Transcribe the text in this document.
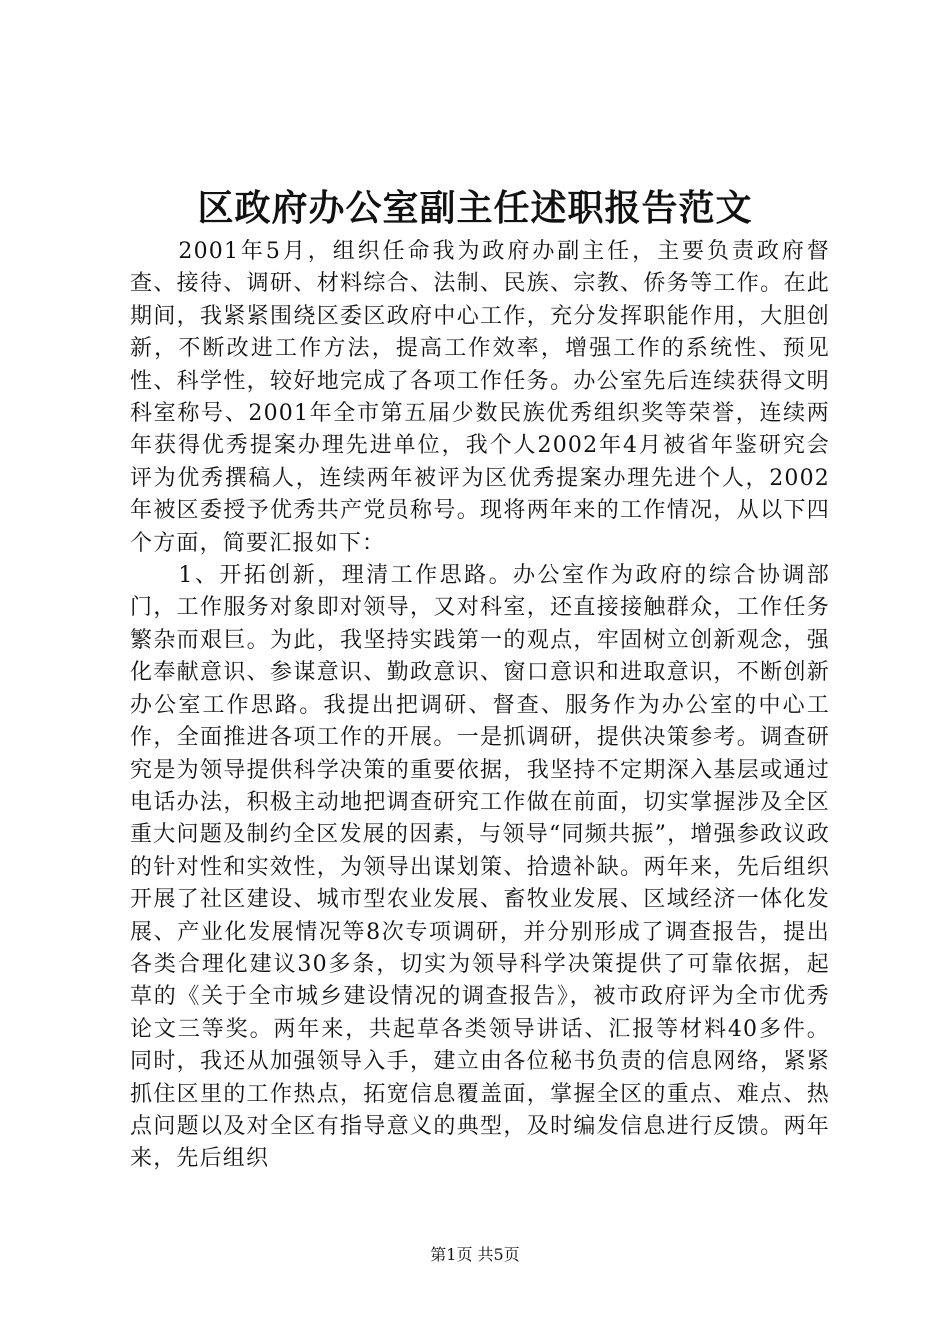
区政府办公室副主任述职报告范文

2001年5月，组织任命我为政府办副主任，主要负责政府督查、接待、调研、材料综合、法制、民族、宗教、侨务等工作。在此期间，我紧紧围绕区委区政府中心工作，充分发挥职能作用，大胆创新，不断改进工作方法，提高工作效率，增强工作的系统性、预见性、科学性，较好地完成了各项工作任务。办公室先后连续获得文明科室称号、2001年全市第五届少数民族优秀组织奖等荣誉，连续两年获得优秀提案办理先进单位，我个人2002年4月被省年鉴研究会评为优秀撰稿人，连续两年被评为区优秀提案办理先进个人，2002年被区委授予优秀共产党员称号。现将两年来的工作情况，从以下四个方面，简要汇报如下：

1、开拓创新，理清工作思路。办公室作为政府的综合协调部门，工作服务对象即对领导，又对科室，还直接接触群众，工作任务繁杂而艰巨。为此，我坚持实践第一的观点，牢固树立创新观念，强化奉献意识、参谋意识、勤政意识、窗口意识和进取意识，不断创新办公室工作思路。我提出把调研、督查、服务作为办公室的中心工作，全面推进各项工作的开展。一是抓调研，提供决策参考。调查研究是为领导提供科学决策的重要依据，我坚持不定期深入基层或通过电话办法，积极主动地把调查研究工作做在前面，切实掌握涉及全区重大问题及制约全区发展的因素，与领导“同频共振”，增强参政议政的针对性和实效性，为领导出谋划策、拾遗补缺。两年来，先后组织开展了社区建设、城市型农业发展、畜牧业发展、区域经济一体化发展、产业化发展情况等8次专项调研，并分别形成了调查报告，提出各类合理化建议30多条，切实为领导科学决策提供了可靠依据，起草的《关于全市城乡建设情况的调查报告》，被市政府评为全市优秀论文三等奖。两年来，共起草各类领导讲话、汇报等材料40多件。同时，我还从加强领导入手，建立由各位秘书负责的信息网络，紧紧抓住区里的工作热点，拓宽信息覆盖面，掌握全区的重点、难点、热点问题以及对全区有指导意义的典型，及时编发信息进行反馈。两年来，先后组织

第1页 共5页
